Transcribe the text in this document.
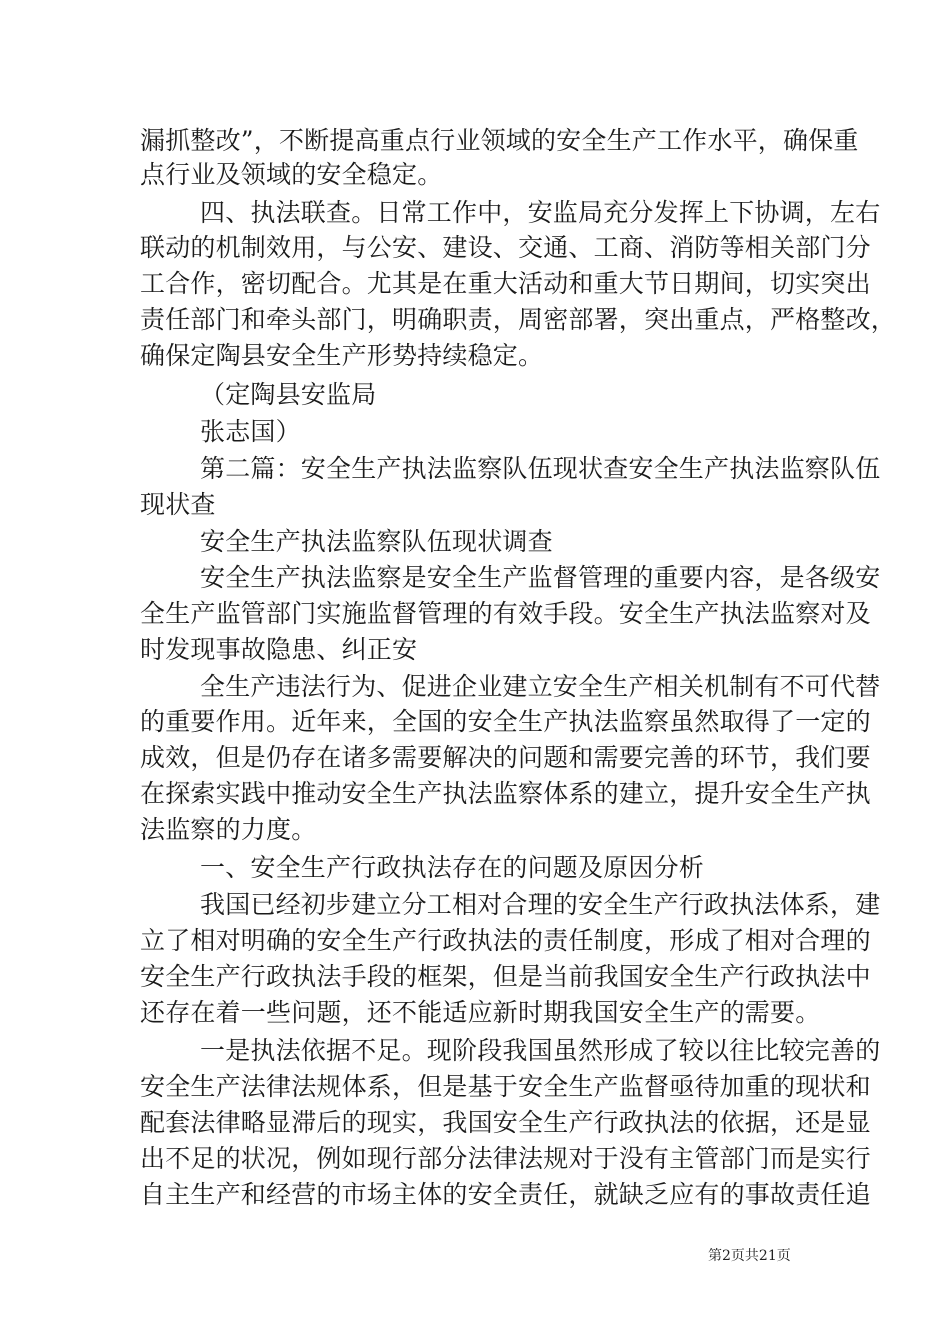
漏抓整改”，不断提高重点行业领域的安全生产工作水平，确保重
点行业及领域的安全稳定。
四、执法联查。日常工作中，安监局充分发挥上下协调，左右
联动的机制效用，与公安、建设、交通、工商、消防等相关部门分
工合作，密切配合。尤其是在重大活动和重大节日期间，切实突出
责任部门和牵头部门，明确职责，周密部署，突出重点，严格整改，
确保定陶县安全生产形势持续稳定。
（定陶县安监局
张志国）
第二篇：安全生产执法监察队伍现状查安全生产执法监察队伍
现状查
安全生产执法监察队伍现状调查
安全生产执法监察是安全生产监督管理的重要内容，是各级安
全生产监管部门实施监督管理的有效手段。安全生产执法监察对及
时发现事故隐患、纠正安
全生产违法行为、促进企业建立安全生产相关机制有不可代替
的重要作用。近年来，全国的安全生产执法监察虽然取得了一定的
成效，但是仍存在诸多需要解决的问题和需要完善的环节，我们要
在探索实践中推动安全生产执法监察体系的建立，提升安全生产执
法监察的力度。
一、安全生产行政执法存在的问题及原因分析
我国已经初步建立分工相对合理的安全生产行政执法体系，建
立了相对明确的安全生产行政执法的责任制度，形成了相对合理的
安全生产行政执法手段的框架，但是当前我国安全生产行政执法中
还存在着一些问题，还不能适应新时期我国安全生产的需要。
一是执法依据不足。现阶段我国虽然形成了较以往比较完善的
安全生产法律法规体系，但是基于安全生产监督亟待加重的现状和
配套法律略显滞后的现实，我国安全生产行政执法的依据，还是显
出不足的状况，例如现行部分法律法规对于没有主管部门而是实行
自主生产和经营的市场主体的安全责任，就缺乏应有的事故责任追
第2页共21页
